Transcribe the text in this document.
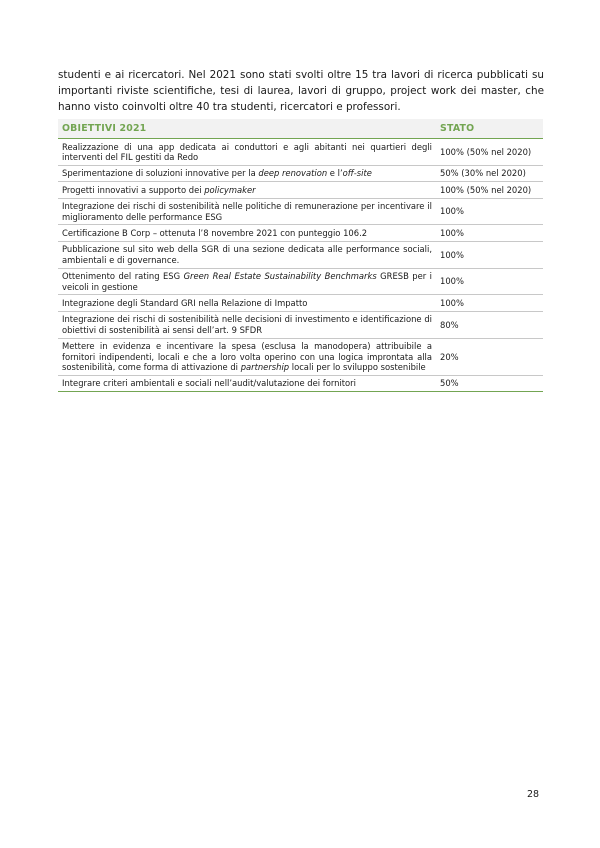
studenti e ai ricercatori. Nel 2021 sono stati svolti oltre 15 tra lavori di ricerca pubblicati su importanti riviste scientifiche, tesi di laurea, lavori di gruppo, project work dei master, che hanno visto coinvolti oltre 40 tra studenti, ricercatori e professori.

OBIETTIVI 2021	STATO
Realizzazione di una app dedicata ai conduttori e agli abitanti nei quartieri degli interventi del FIL gestiti da Redo	100% (50% nel 2020)
Sperimentazione di soluzioni innovative per la deep renovation e l’off-site	50% (30% nel 2020)
Progetti innovativi a supporto dei policymaker	100% (50% nel 2020)
Integrazione dei rischi di sostenibilità nelle politiche di remunerazione per incentivare il miglioramento delle performance ESG	100%
Certificazione B Corp – ottenuta l’8 novembre 2021 con punteggio 106.2	100%
Pubblicazione sul sito web della SGR di una sezione dedicata alle performance sociali, ambientali e di governance.	100%
Ottenimento del rating ESG Green Real Estate Sustainability Benchmarks GRESB per i veicoli in gestione	100%
Integrazione degli Standard GRI nella Relazione di Impatto	100%
Integrazione dei rischi di sostenibilità nelle decisioni di investimento e identificazione di obiettivi di sostenibilità ai sensi dell’art. 9 SFDR	80%
Mettere in evidenza e incentivare la spesa (esclusa la manodopera) attribuibile a fornitori indipendenti, locali e che a loro volta operino con una logica improntata alla sostenibilità, come forma di attivazione di partnership locali per lo sviluppo sostenibile	20%
Integrare criteri ambientali e sociali nell’audit/valutazione dei fornitori	50%
28
